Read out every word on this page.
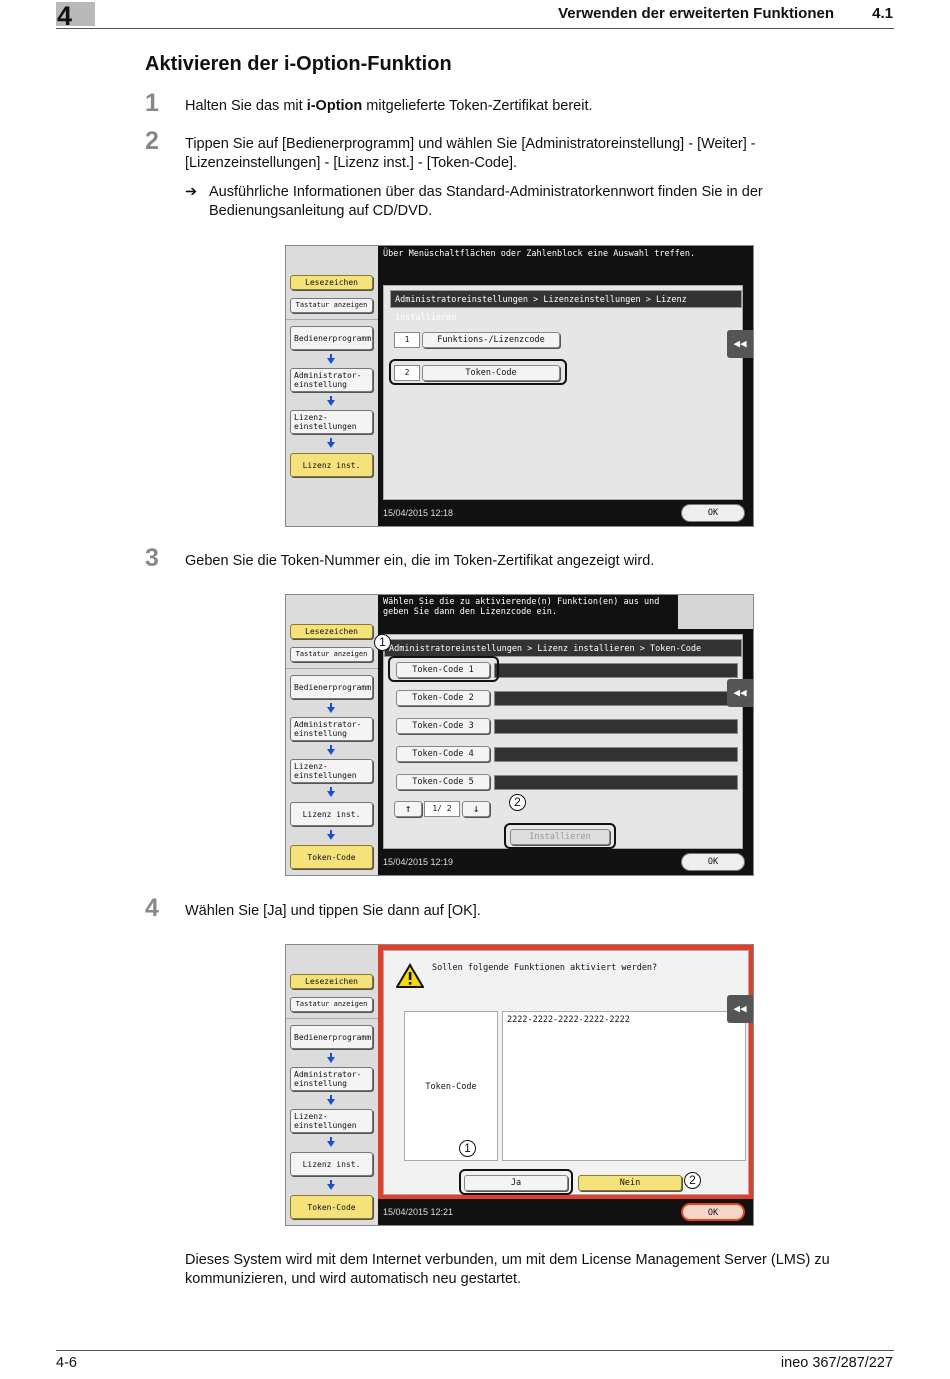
4	Verwenden der erweiterten Funktionen	4.1
Aktivieren der i-Option-Funktion
1 Halten Sie das mit i-Option mitgelieferte Token-Zertifikat bereit.
2 Tippen Sie auf [Bedienerprogramm] und wählen Sie [Administratoreinstellung] - [Weiter] - [Lizenzeinstellungen] - [Lizenz inst.] - [Token-Code].
➔ Ausführliche Informationen über das Standard-Administratorkennwort finden Sie in der Bedienungsanleitung auf CD/DVD.
Lesezeichen
Tastatur anzeigen
Bedienerprogramm
Administrator- einstellung
Lizenz- einstellungen
Lizenz inst.
Über Menüschaltflächen oder Zahlenblock eine Auswahl treffen.
Administratoreinstellungen > Lizenzeinstellungen > Lizenz installieren
1	Funktions-/Lizenzcode
2	Token-Code
◀◀
15/04/2015 12:18	OK
3 Geben Sie die Token-Nummer ein, die im Token-Zertifikat angezeigt wird.
Lesezeichen
Tastatur anzeigen
Bedienerprogramm
Administrator- einstellung
Lizenz- einstellungen
Lizenz inst.
Token-Code
Wählen Sie die zu aktivierende(n) Funktion(en) aus und geben Sie dann den Lizenzcode ein.
Administratoreinstellungen > Lizenz installieren > Token-Code
Token-Code 1
Token-Code 2
Token-Code 3
Token-Code 4
Token-Code 5
↑	1/ 2	↓
Installieren
◀◀
15/04/2015 12:19	OK
1
2
4 Wählen Sie [Ja] und tippen Sie dann auf [OK].
Lesezeichen
Tastatur anzeigen
Bedienerprogramm
Administrator- einstellung
Lizenz- einstellungen
Lizenz inst.
Token-Code
Sollen folgende Funktionen aktiviert werden?
Token-Code
2222-2222-2222-2222-2222
Ja	Nein
◀◀
15/04/2015 12:21	OK
1
2
Dieses System wird mit dem Internet verbunden, um mit dem License Management Server (LMS) zu kommunizieren, und wird automatisch neu gestartet.
4-6	ineo 367/287/227
